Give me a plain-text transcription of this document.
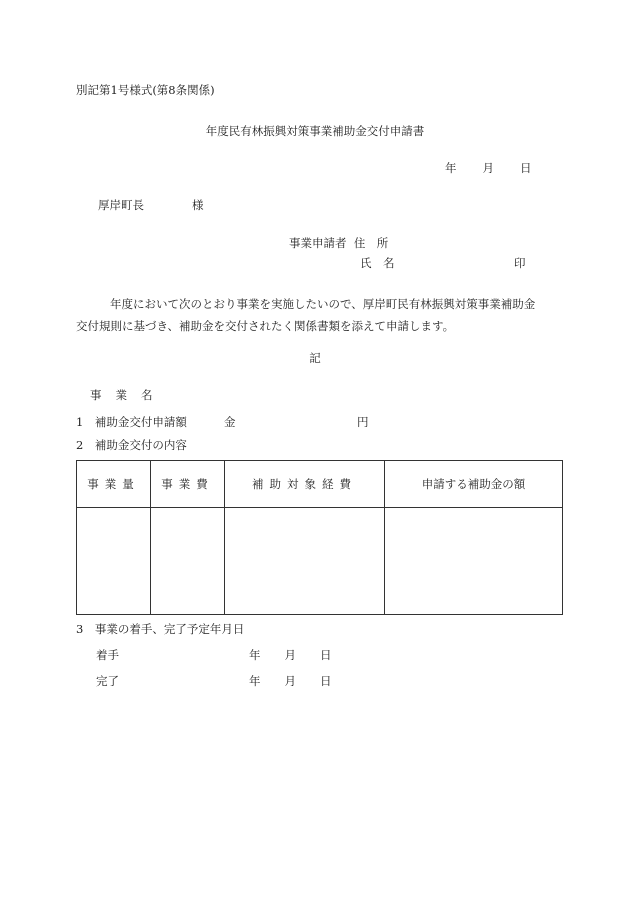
別記第1号様式(第8条関係)
年度民有林振興対策事業補助金交付申請書
年 月 日
厚岸町長	様
事業申請者 住　所
氏　名	印
年度において次のとおり事業を実施したいので、厚岸町民有林振興対策事業補助金
交付規則に基づき、補助金を交付されたく関係書類を添えて申請します。
記
事業名
1　補助金交付申請額	金	円
2　補助金交付の内容
事業量	事業費	補助対象経費	申請する補助金の額

3　事業の着手、完了予定年月日
着手	年 月 日
完了	年 月 日
